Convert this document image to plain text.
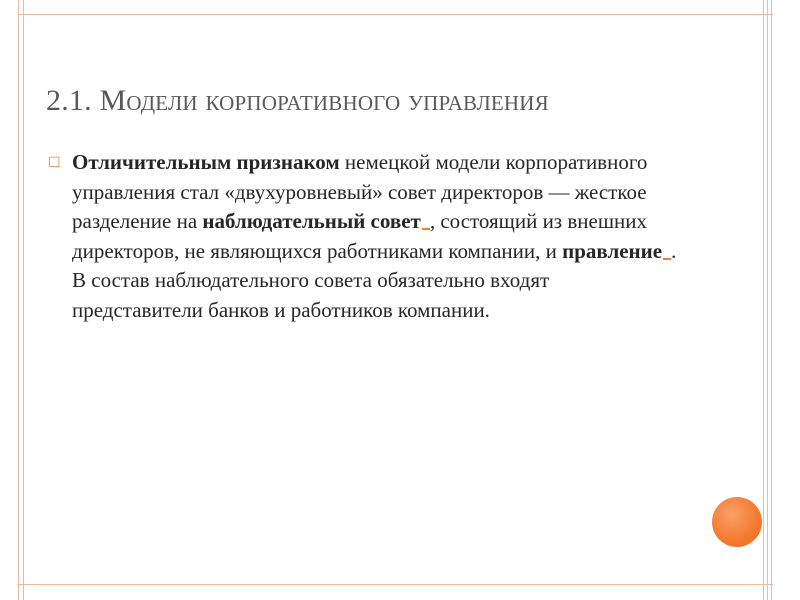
2.1. Модели корпоративного управления
☐ Отличительным признаком немецкой модели корпоративного управления стал «двухуровневый» совет директоров — жесткое разделение на наблюдательный совет , состоящий из внешних директоров, не являющихся работниками компании, и правление . В состав наблюдательного совета обязательно входят представители банков и работников компании.
